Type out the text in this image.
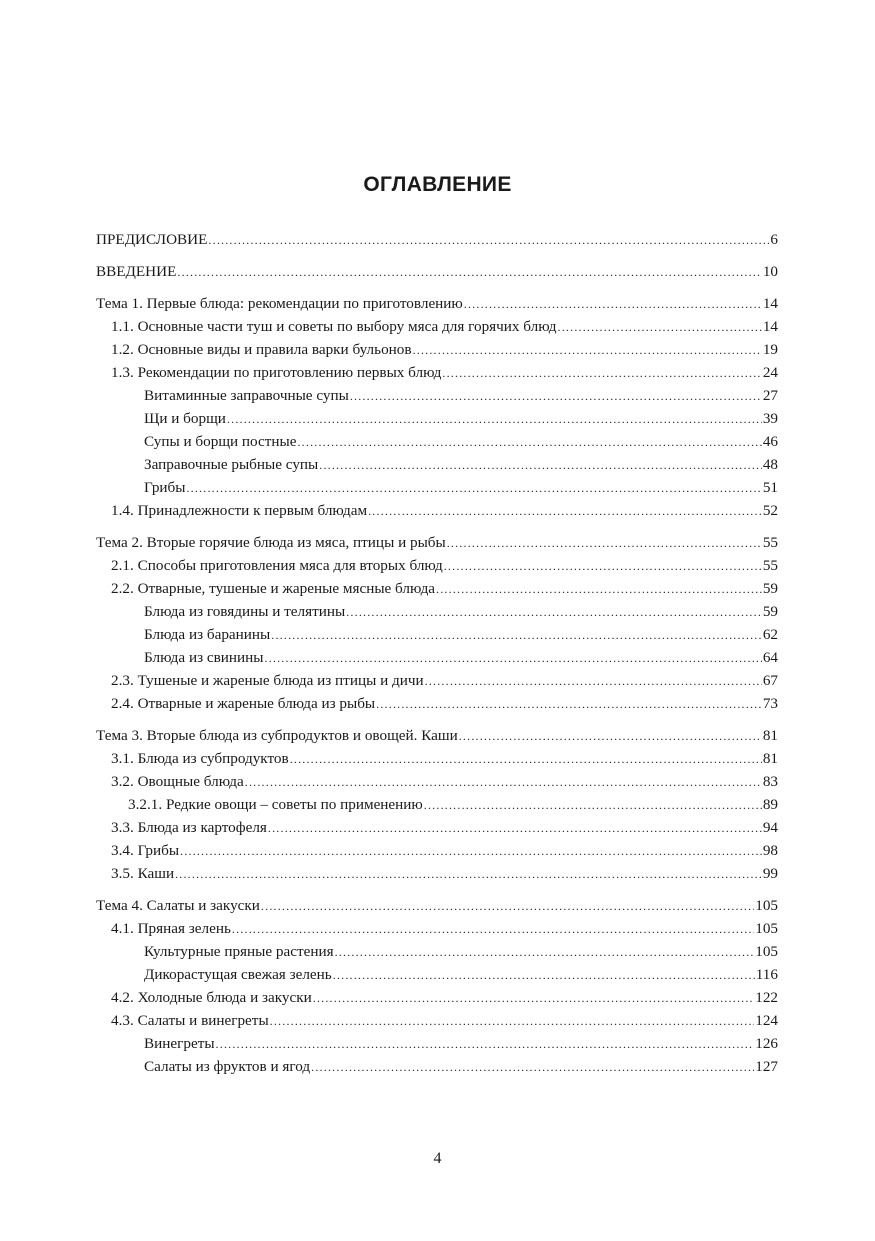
ОГЛАВЛЕНИЕ
ПРЕДИСЛОВИЕ .....	6
ВВЕДЕНИЕ .....	10
Тема 1. Первые блюда: рекомендации по приготовлению .....	14
1.1. Основные части туш и советы по выбору мяса для горячих блюд .....	14
1.2. Основные виды и правила варки бульонов .....	19
1.3. Рекомендации по приготовлению первых блюд .....	24
Витаминные заправочные супы .....	27
Щи и борщи .....	39
Супы и борщи постные .....	46
Заправочные рыбные супы .....	48
Грибы .....	51
1.4. Принадлежности к первым блюдам .....	52
Тема 2. Вторые горячие блюда из мяса, птицы и рыбы .....	55
2.1. Способы приготовления мяса для вторых блюд .....	55
2.2. Отварные, тушеные и жареные мясные блюда .....	59
Блюда из говядины и телятины .....	59
Блюда из баранины .....	62
Блюда из свинины .....	64
2.3. Тушеные и жареные блюда из птицы и дичи .....	67
2.4. Отварные и жареные блюда из рыбы .....	73
Тема 3. Вторые блюда из субпродуктов и овощей. Каши .....	81
3.1. Блюда из субпродуктов .....	81
3.2. Овощные блюда .....	83
3.2.1. Редкие овощи – советы по применению .....	89
3.3. Блюда из картофеля .....	94
3.4. Грибы .....	98
3.5. Каши .....	99
Тема 4. Салаты и закуски .....	105
4.1. Пряная зелень .....	105
Культурные пряные растения .....	105
Дикорастущая свежая зелень .....	116
4.2. Холодные блюда и закуски .....	122
4.3. Салаты и винегреты .....	124
Винегреты .....	126
Салаты из фруктов и ягод .....	127
4
